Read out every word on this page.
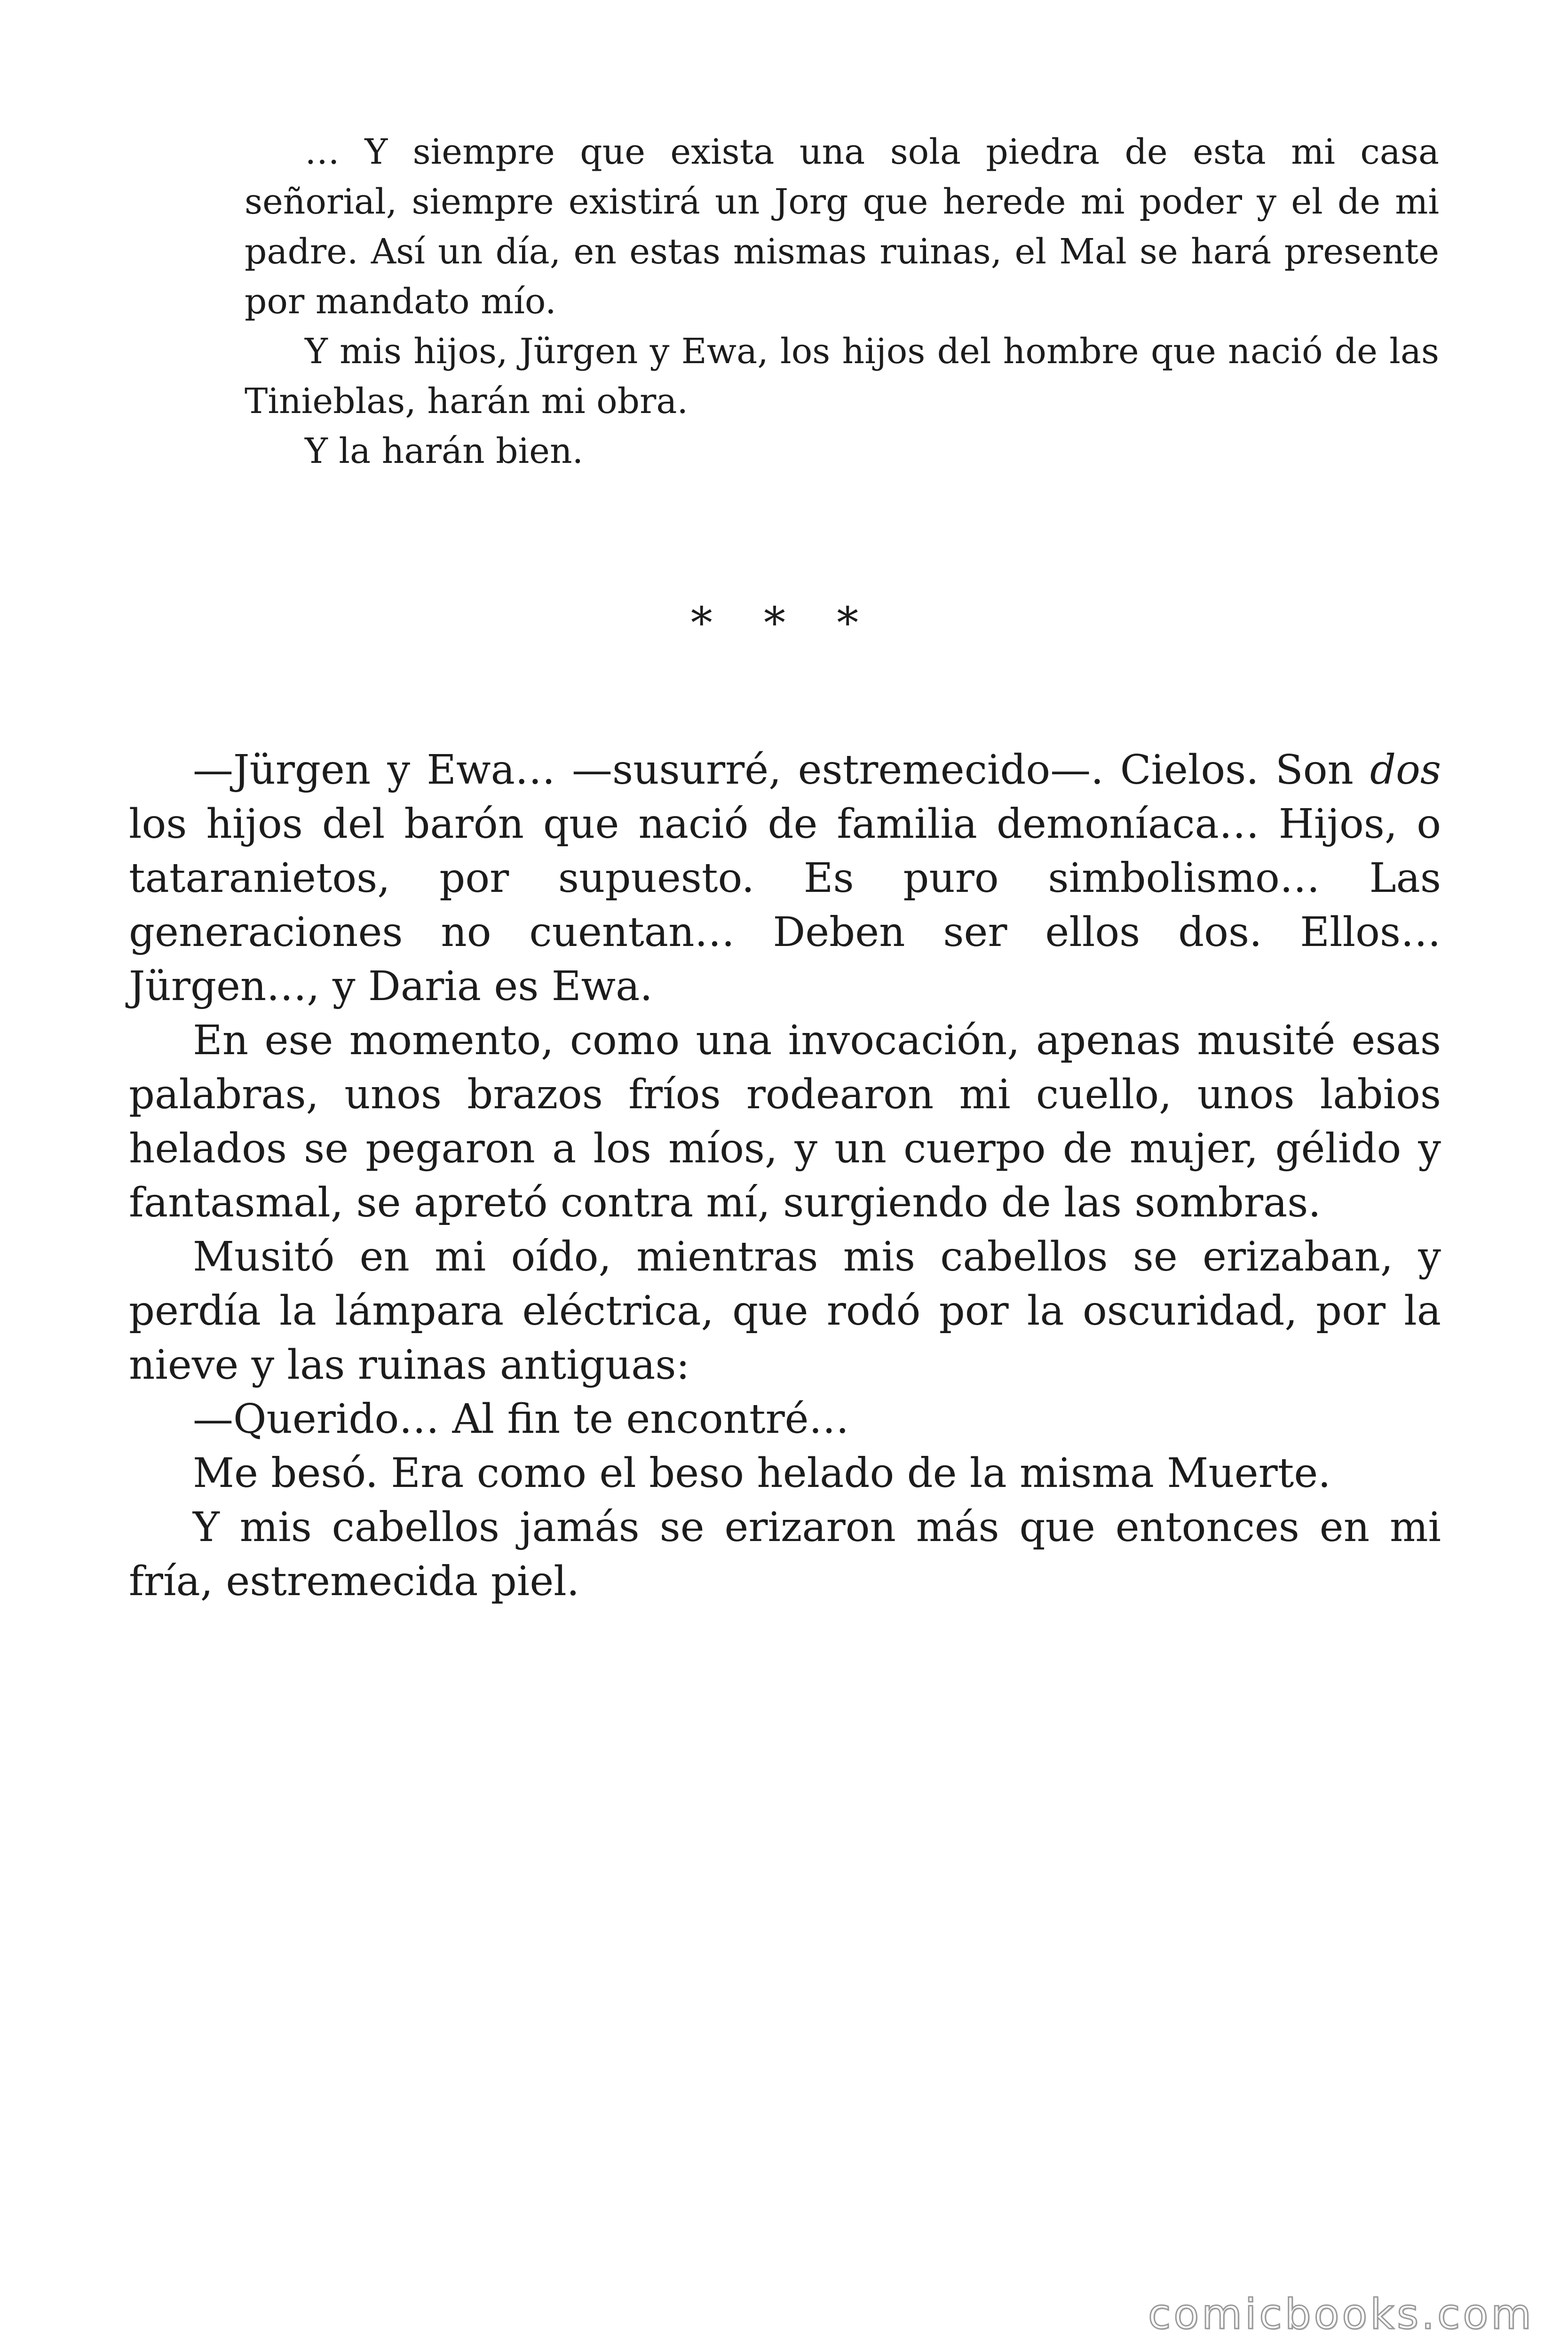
… Y siempre que exista una sola piedra de esta mi casa señorial, siempre existirá un Jorg que herede mi poder y el de mi padre. Así un día, en estas mismas ruinas, el Mal se hará presente por mandato mío.

Y mis hijos, Jürgen y Ewa, los hijos del hombre que nació de las Tinieblas, harán mi obra.

Y la harán bien.

* * *

—Jürgen y Ewa… —susurré, estremecido—. Cielos. Son dos los hijos del barón que nació de familia demoníaca… Hijos, o tataranietos, por supuesto. Es puro simbolismo… Las generaciones no cuentan… Deben ser ellos dos. Ellos… Jürgen…, y Daria es Ewa.

En ese momento, como una invocación, apenas musité esas palabras, unos brazos fríos rodearon mi cuello, unos labios helados se pegaron a los míos, y un cuerpo de mujer, gélido y fantasmal, se apretó contra mí, surgiendo de las sombras.

Musitó en mi oído, mientras mis cabellos se erizaban, y perdía la lámpara eléctrica, que rodó por la oscuridad, por la nieve y las ruinas antiguas:

—Querido… Al fin te encontré…

Me besó. Era como el beso helado de la misma Muerte.

Y mis cabellos jamás se erizaron más que entonces en mi fría, estremecida piel.

comicbooks.com
